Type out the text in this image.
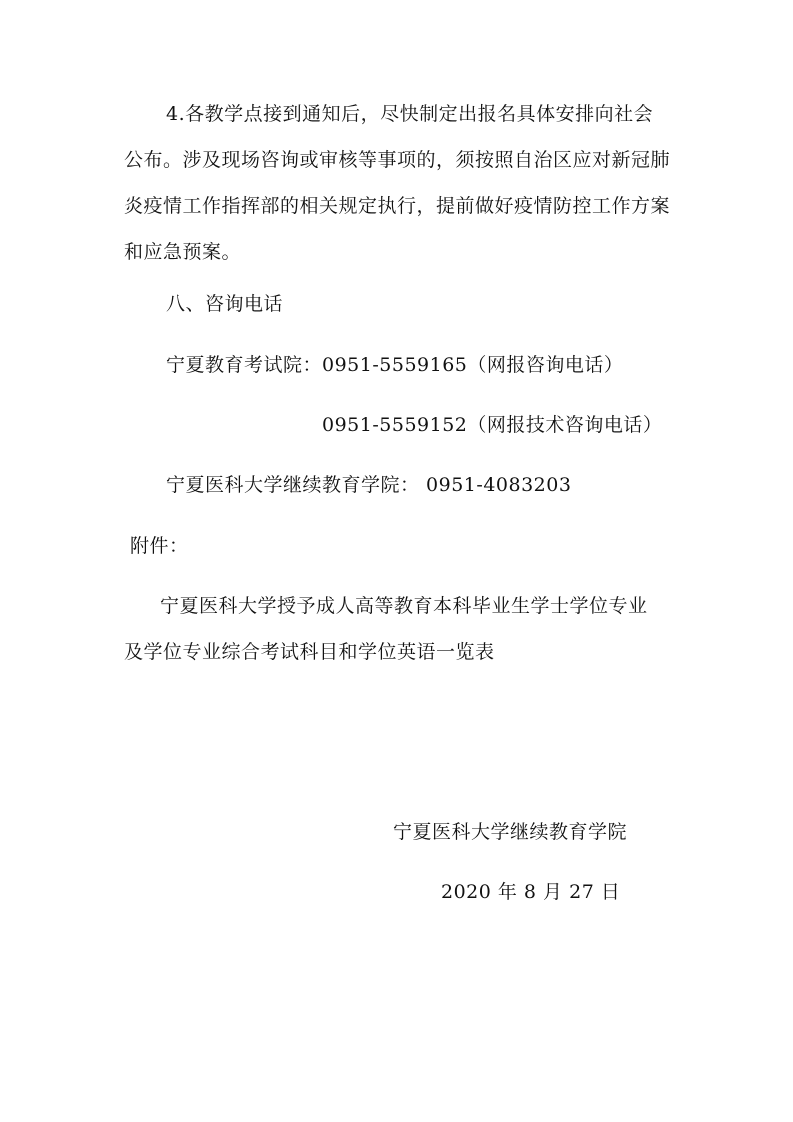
4.各教学点接到通知后，尽快制定出报名具体安排向社会
公布。涉及现场咨询或审核等事项的，须按照自治区应对新冠肺
炎疫情工作指挥部的相关规定执行，提前做好疫情防控工作方案
和应急预案。
八、咨询电话
宁夏教育考试院：0951-5559165（网报咨询电话）
0951-5559152（网报技术咨询电话）
宁夏医科大学继续教育学院： 0951-4083203
附件：
宁夏医科大学授予成人高等教育本科毕业生学士学位专业
及学位专业综合考试科目和学位英语一览表
宁夏医科大学继续教育学院
2020 年 8 月 27 日
